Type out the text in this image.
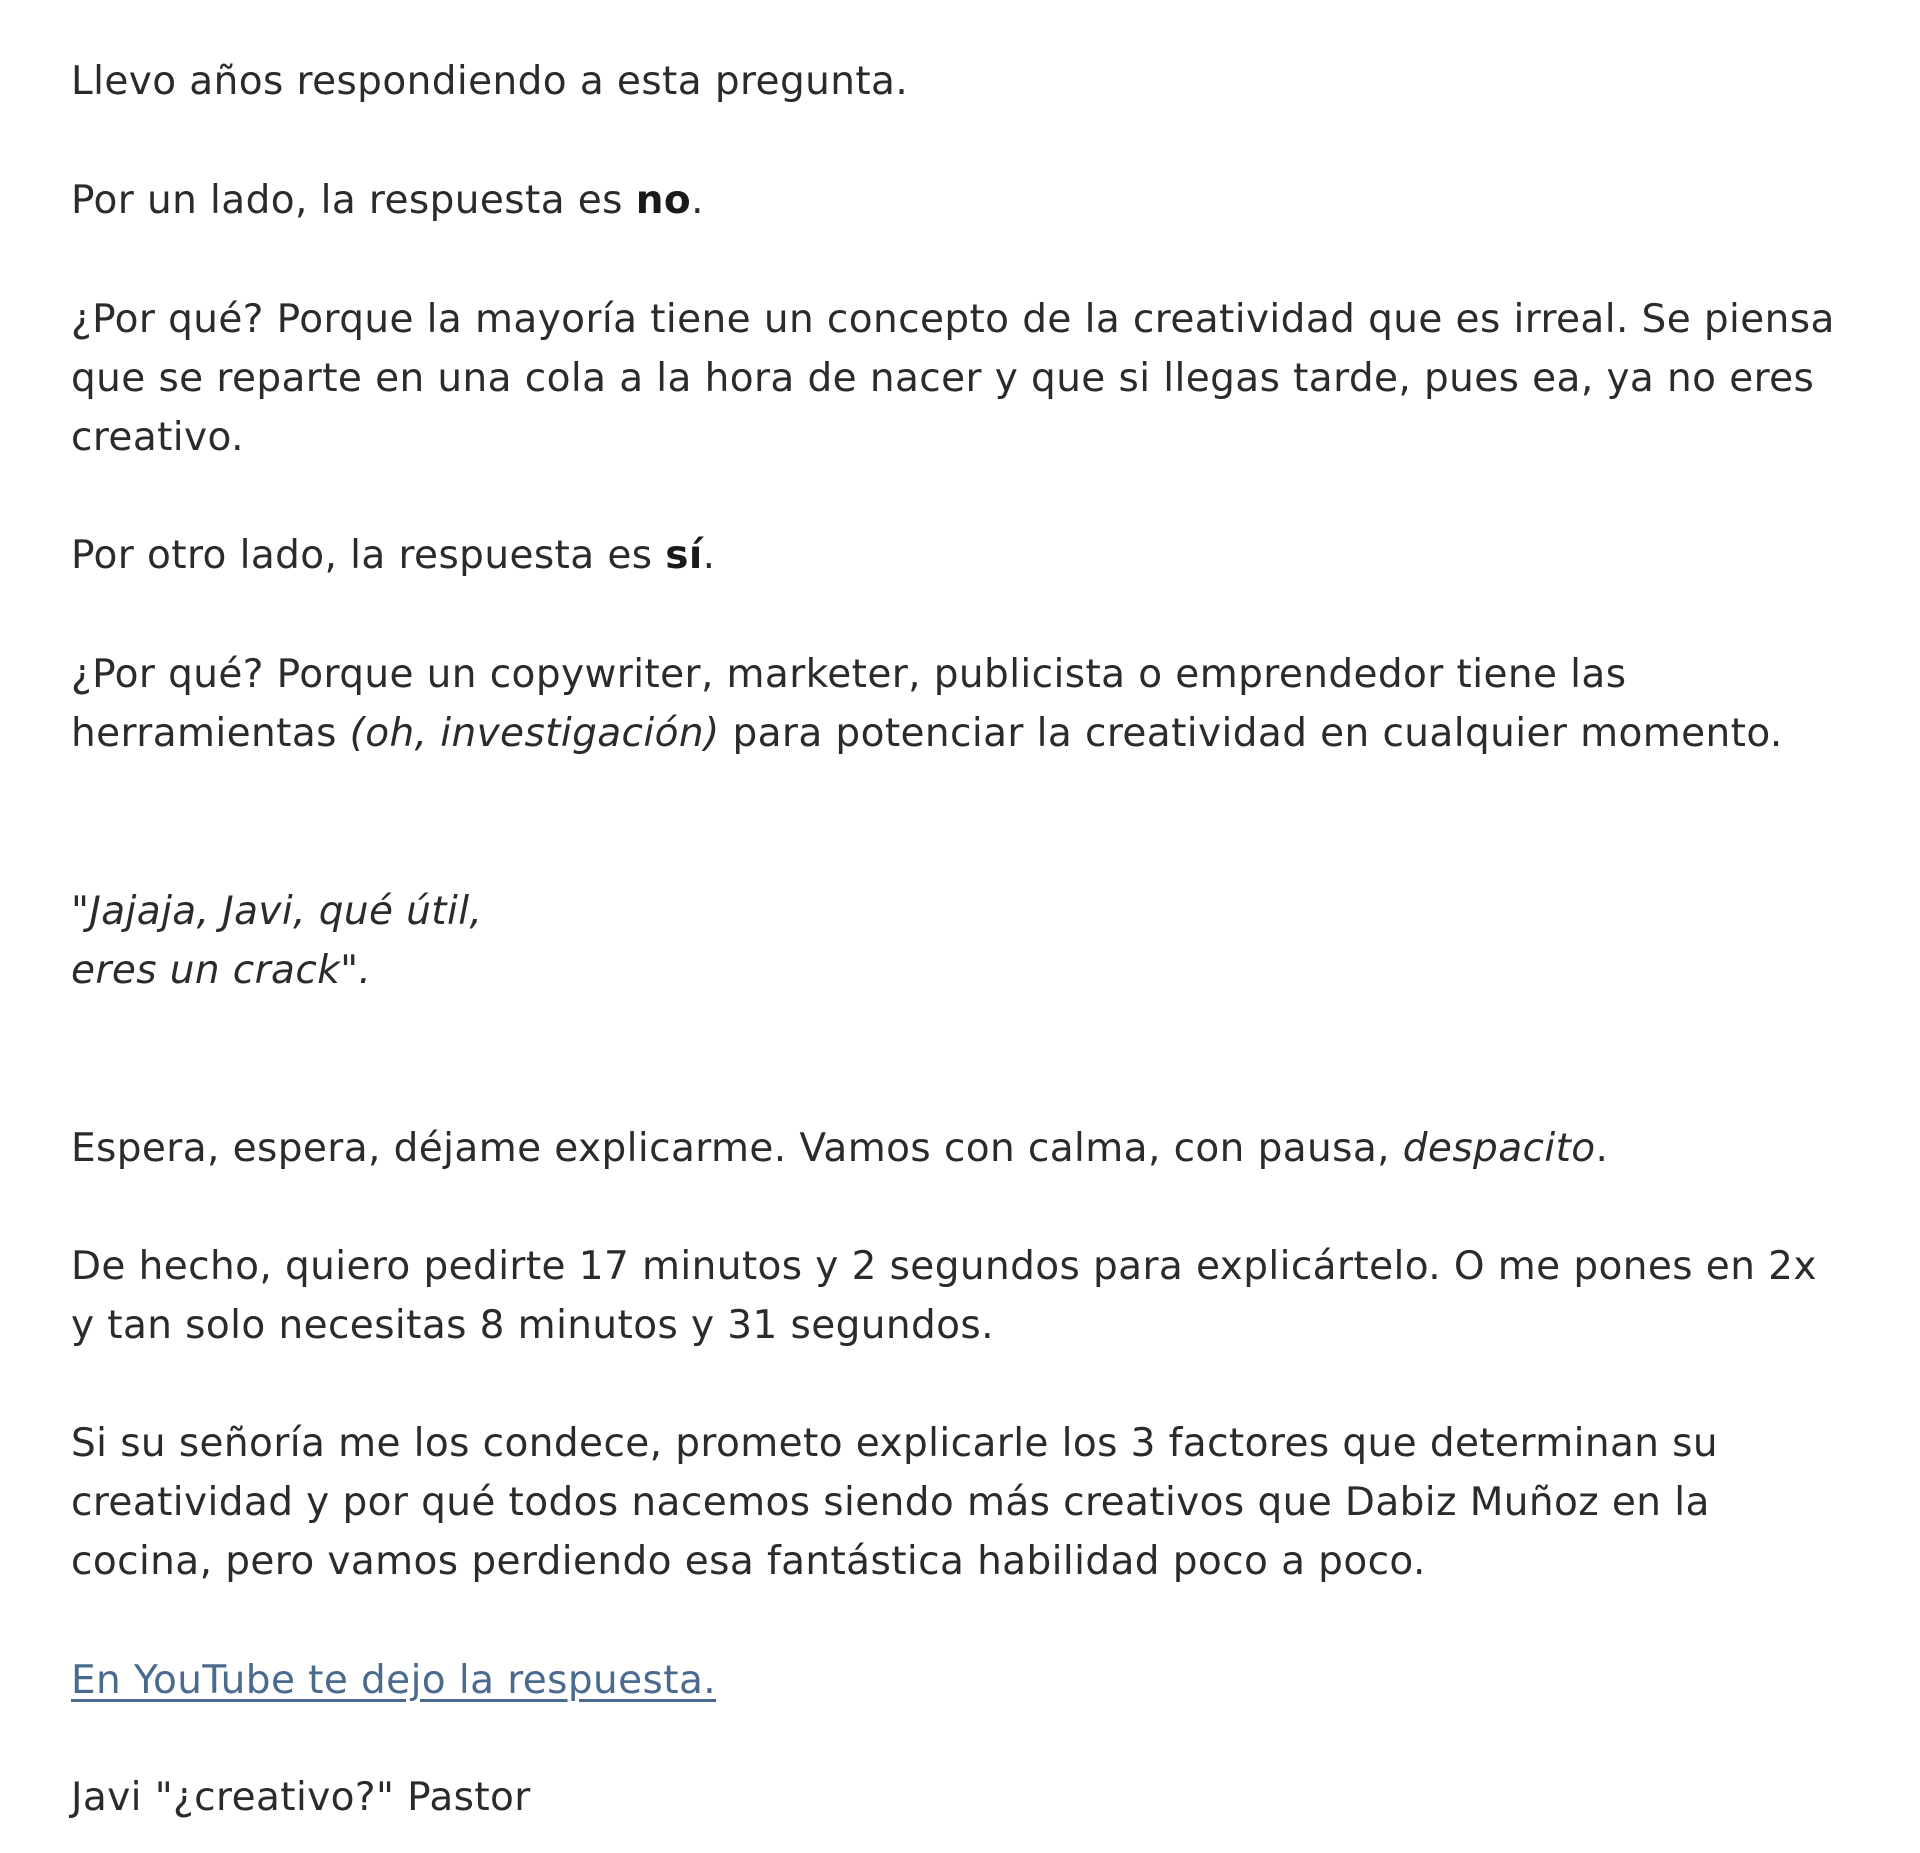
Llevo años respondiendo a esta pregunta.

Por un lado, la respuesta es no.

¿Por qué? Porque la mayoría tiene un concepto de la creatividad que es irreal. Se piensa
que se reparte en una cola a la hora de nacer y que si llegas tarde, pues ea, ya no eres
creativo.

Por otro lado, la respuesta es sí.

¿Por qué? Porque un copywriter, marketer, publicista o emprendedor tiene las
herramientas (oh, investigación) para potenciar la creatividad en cualquier momento.

"Jajaja, Javi, qué útil,
eres un crack".

Espera, espera, déjame explicarme. Vamos con calma, con pausa, despacito.

De hecho, quiero pedirte 17 minutos y 2 segundos para explicártelo. O me pones en 2x
y tan solo necesitas 8 minutos y 31 segundos.

Si su señoría me los condece, prometo explicarle los 3 factores que determinan su
creatividad y por qué todos nacemos siendo más creativos que Dabiz Muñoz en la
cocina, pero vamos perdiendo esa fantástica habilidad poco a poco.

En YouTube te dejo la respuesta.

Javi "¿creativo?" Pastor
